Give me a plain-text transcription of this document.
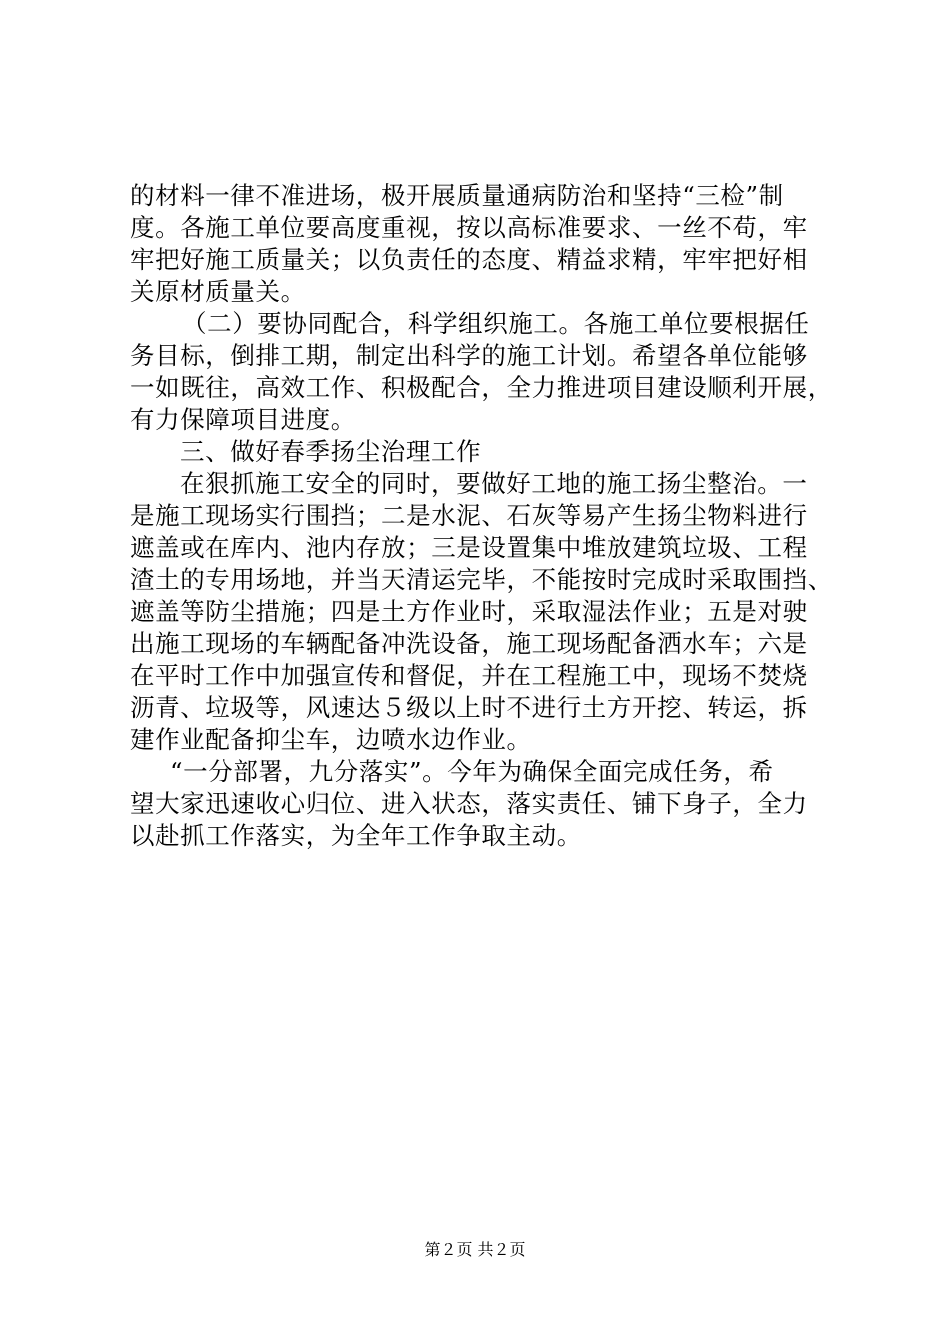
的材料一律不准进场，极开展质量通病防治和坚持“三检”制
度。各施工单位要高度重视，按以高标准要求、一丝不苟，牢
牢把好施工质量关；以负责任的态度、精益求精，牢牢把好相
关原材质量关。
（二）要协同配合，科学组织施工。各施工单位要根据任
务目标，倒排工期，制定出科学的施工计划。希望各单位能够
一如既往，高效工作、积极配合，全力推进项目建设顺利开展，
有力保障项目进度。
三、做好春季扬尘治理工作
在狠抓施工安全的同时，要做好工地的施工扬尘整治。一
是施工现场实行围挡；二是水泥、石灰等易产生扬尘物料进行
遮盖或在库内、池内存放；三是设置集中堆放建筑垃圾、工程
渣土的专用场地，并当天清运完毕，不能按时完成时采取围挡、
遮盖等防尘措施；四是土方作业时，采取湿法作业；五是对驶
出施工现场的车辆配备冲洗设备，施工现场配备洒水车；六是
在平时工作中加强宣传和督促，并在工程施工中，现场不焚烧
沥青、垃圾等，风速达５级以上时不进行土方开挖、转运，拆
建作业配备抑尘车，边喷水边作业。
“一分部署，九分落实”。今年为确保全面完成任务，希
望大家迅速收心归位、进入状态，落实责任、铺下身子，全力
以赴抓工作落实，为全年工作争取主动。
第２页 共２页
